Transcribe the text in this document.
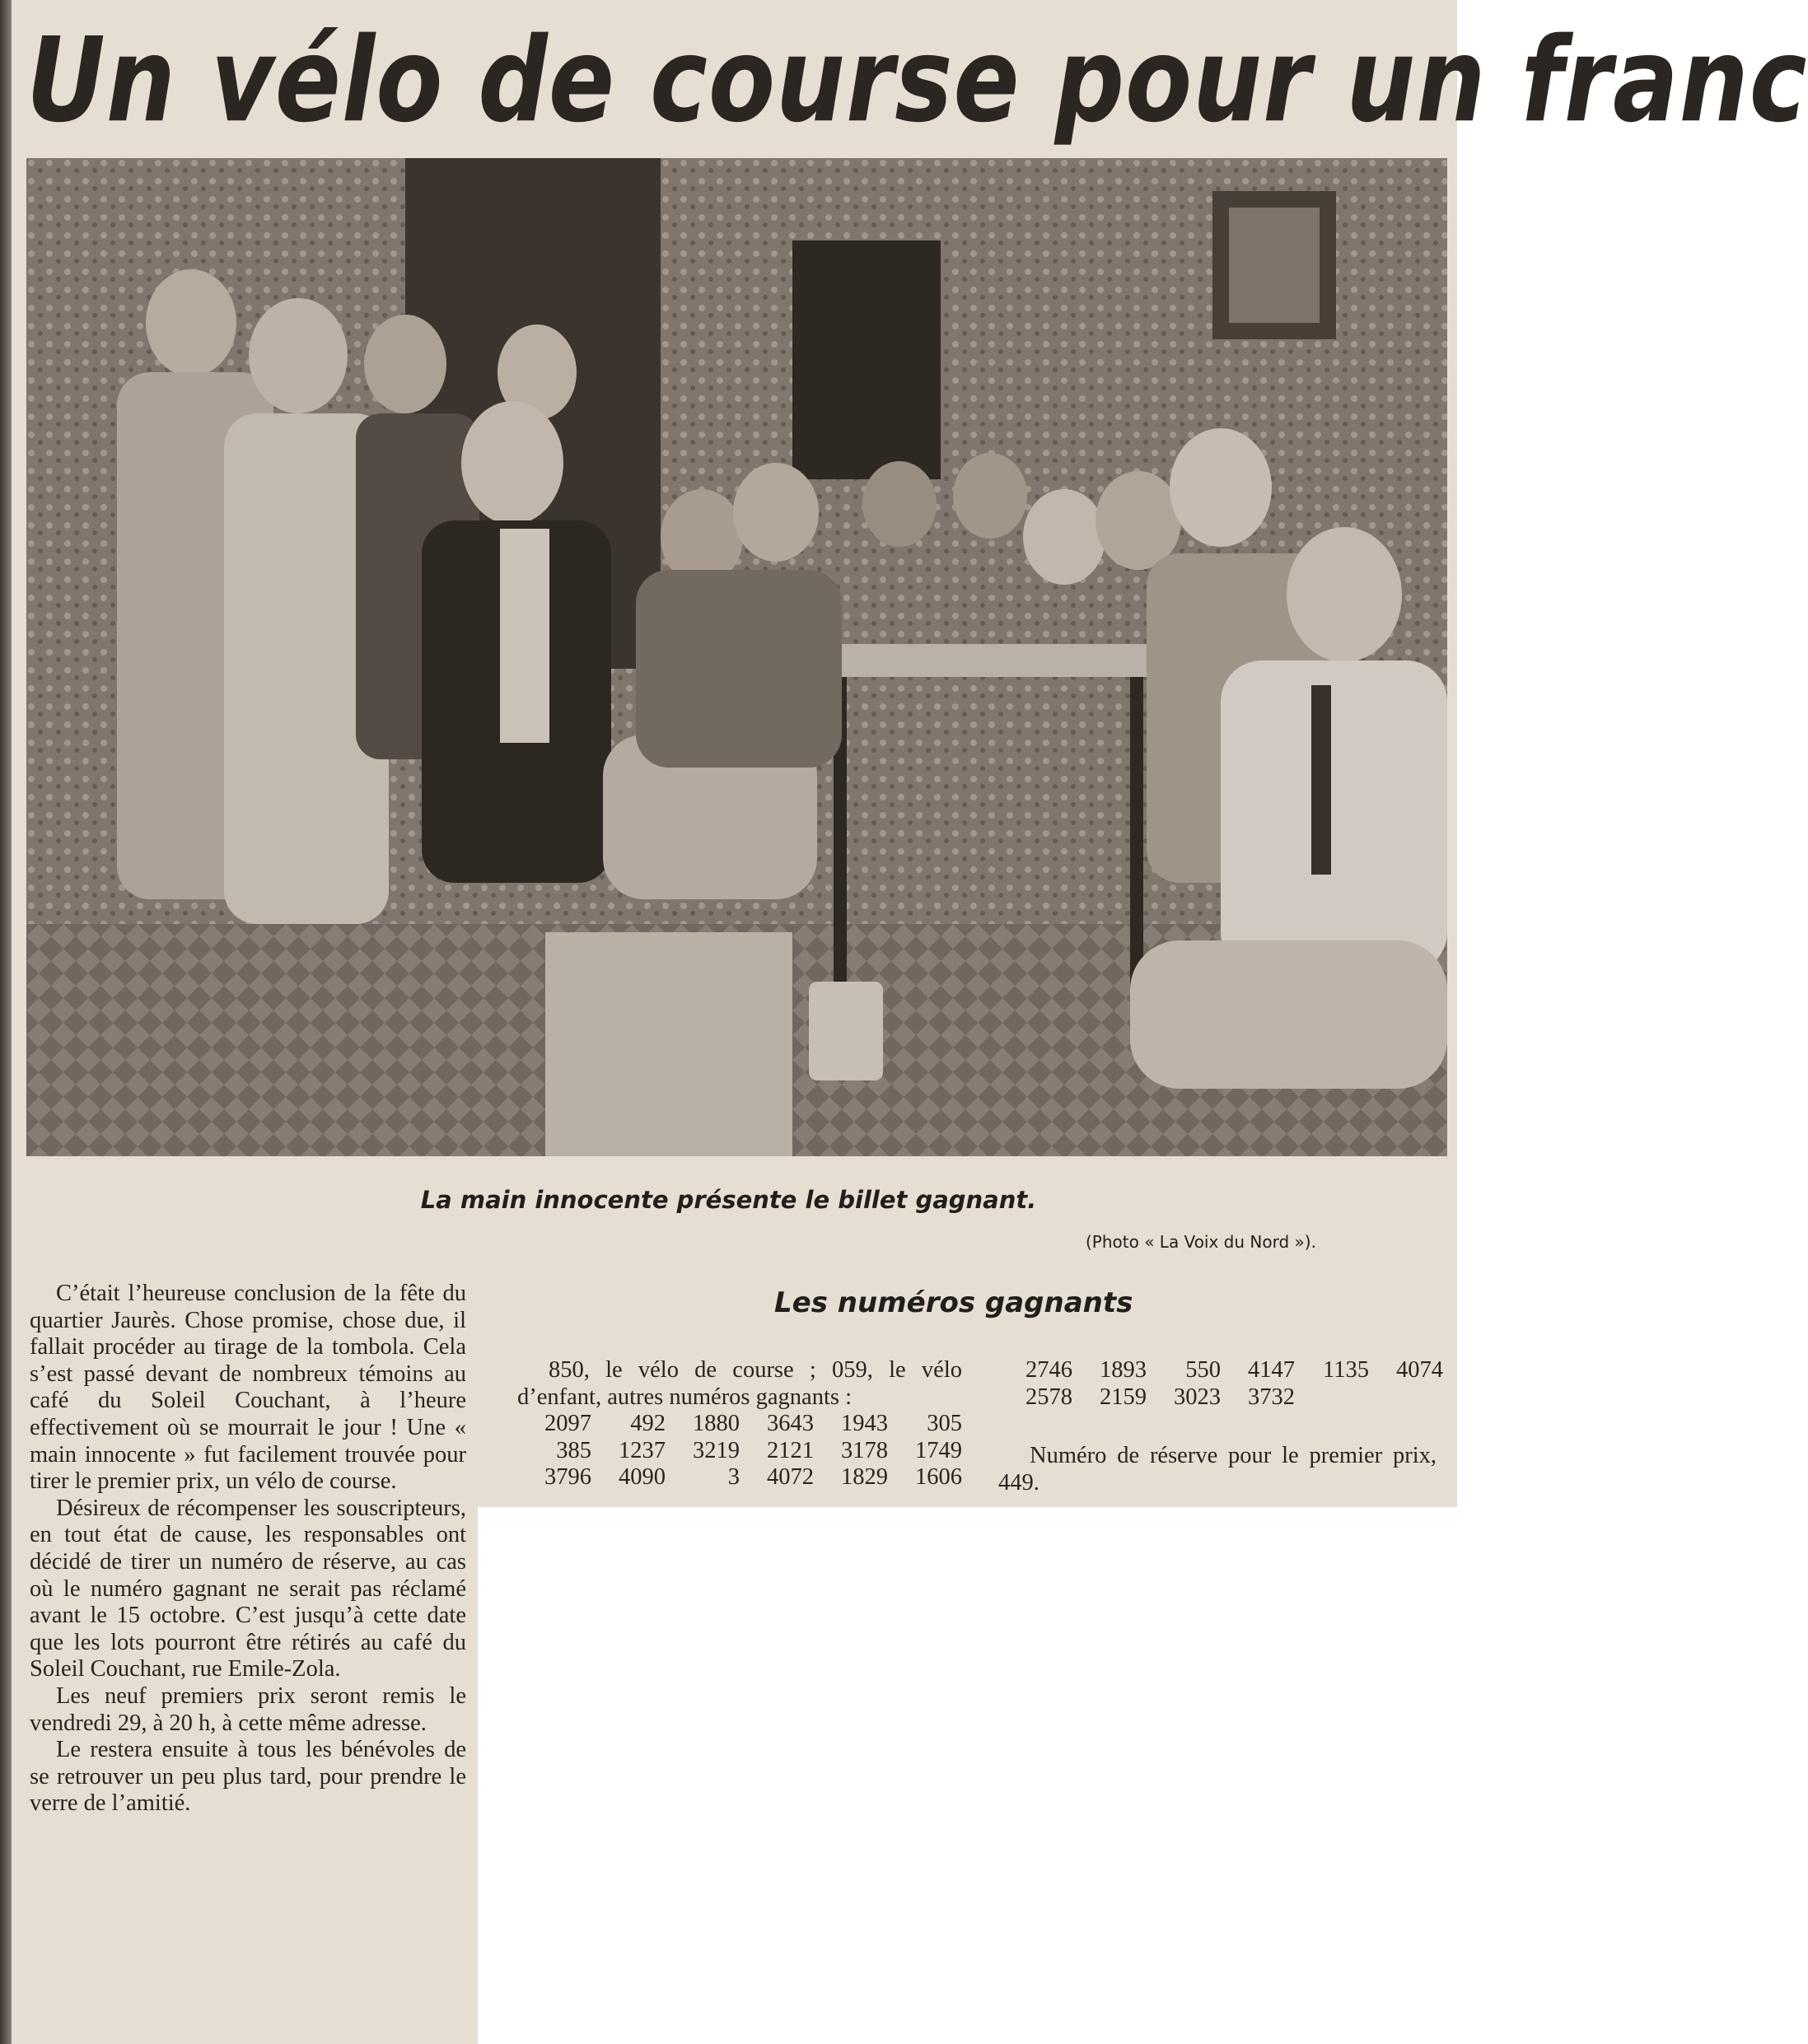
Un vélo de course pour un franc
La main innocente présente le billet gagnant.
(Photo « La Voix du Nord »).

C’était l’heureuse conclusion de la fête du quartier Jaurès. Chose promise, chose due, il fallait procéder au tirage de la tombola. Cela s’est passé devant de nombreux témoins au café du Soleil Couchant, à l’heure effectivement où se mourrait le jour ! Une « main innocente » fut facilement trouvée pour tirer le premier prix, un vélo de course.

Désireux de récompenser les souscripteurs, en tout état de cause, les responsables ont décidé de tirer un numéro de réserve, au cas où le numéro gagnant ne serait pas réclamé avant le 15 octobre. C’est jusqu’à cette date que les lots pourront être rétirés au café du Soleil Couchant, rue Emile-Zola.

Les neuf premiers prix seront remis le vendredi 29, à 20 h, à cette même adresse.

Le restera ensuite à tous les bénévoles de se retrouver un peu plus tard, pour prendre le verre de l’amitié.

Les numéros gagnants

850, le vélo de course ; 059, le vélo d’enfant, autres numéros gagnants :

2097	492	1880	3643	1943	305
385	1237	3219	2121	3178	1749
3796	4090	3	4072	1829	1606
2746	1893	550	4147	1135	4074
2578	2159	3023	3732

Numéro de réserve pour le premier prix, 449.
